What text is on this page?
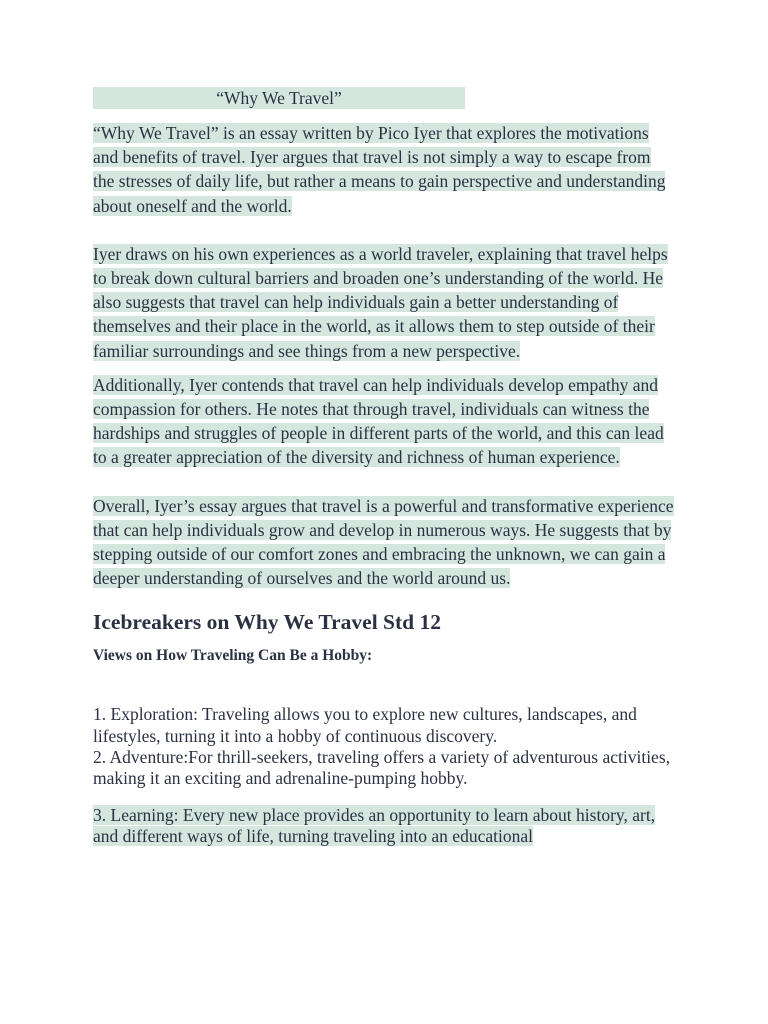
“Why We Travel”

“Why We Travel” is an essay written by Pico Iyer that explores the motivations and benefits of travel. Iyer argues that travel is not simply a way to escape from the stresses of daily life, but rather a means to gain perspective and understanding about oneself and the world.

Iyer draws on his own experiences as a world traveler, explaining that travel helps to break down cultural barriers and broaden one’s understanding of the world. He also suggests that travel can help individuals gain a better understanding of themselves and their place in the world, as it allows them to step outside of their familiar surroundings and see things from a new perspective.

Additionally, Iyer contends that travel can help individuals develop empathy and compassion for others. He notes that through travel, individuals can witness the hardships and struggles of people in different parts of the world, and this can lead to a greater appreciation of the diversity and richness of human experience.

Overall, Iyer’s essay argues that travel is a powerful and transformative experience that can help individuals grow and develop in numerous ways. He suggests that by stepping outside of our comfort zones and embracing the unknown, we can gain a deeper understanding of ourselves and the world around us.

Icebreakers on Why We Travel Std 12
Views on How Traveling Can Be a Hobby:
1. Exploration: Traveling allows you to explore new cultures, landscapes, and lifestyles, turning it into a hobby of continuous discovery.
2. Adventure:For thrill-seekers, traveling offers a variety of adventurous activities, making it an exciting and adrenaline-pumping hobby.
3. Learning: Every new place provides an opportunity to learn about history, art, and different ways of life, turning traveling into an educational
